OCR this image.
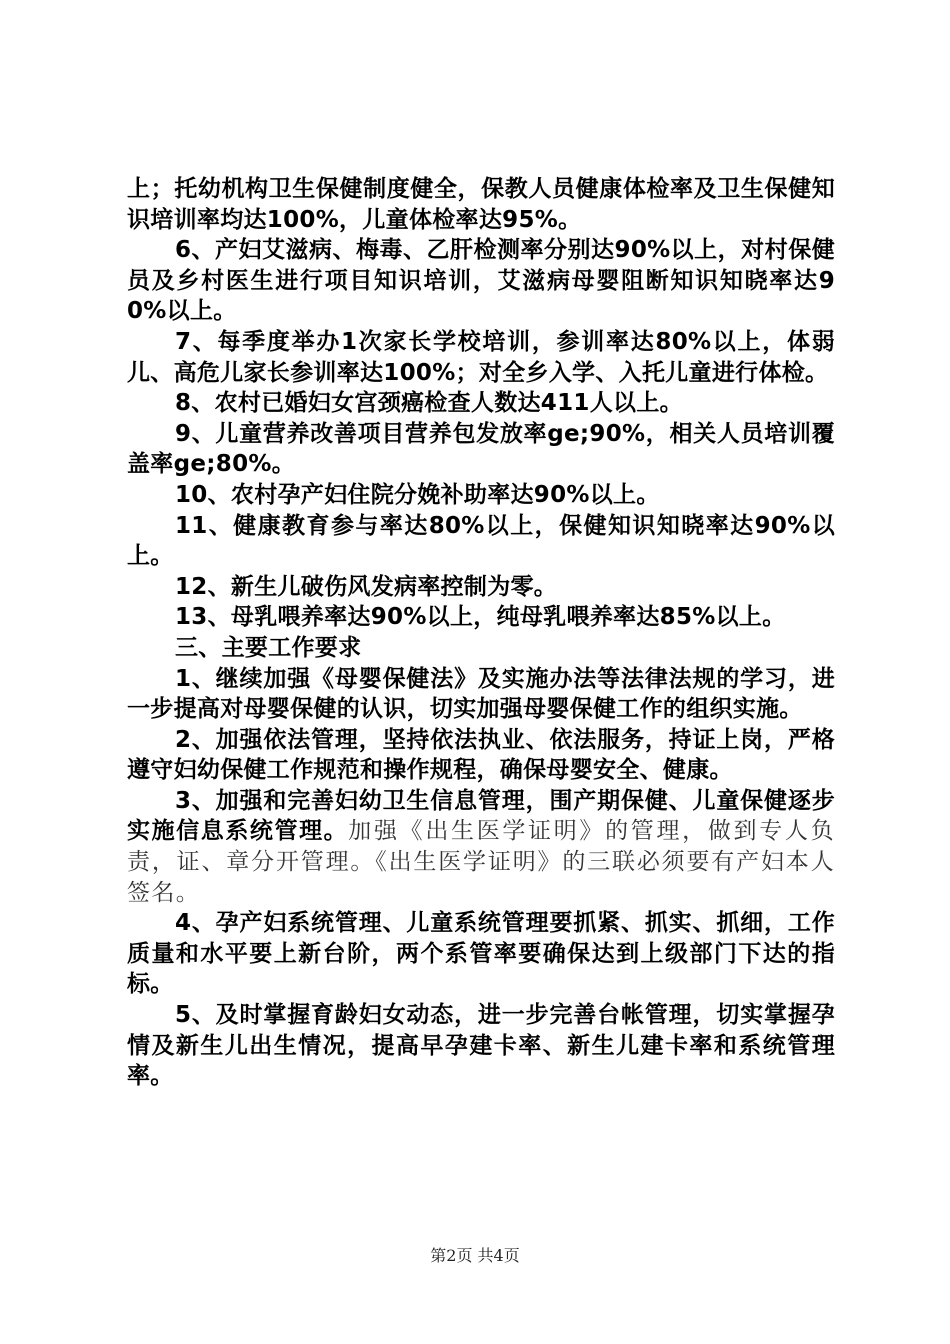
上；托幼机构卫生保健制度健全，保教人员健康体检率及卫生保健知识培训率均达100%，儿童体检率达95%。

6、产妇艾滋病、梅毒、乙肝检测率分别达90%以上，对村保健员及乡村医生进行项目知识培训，艾滋病母婴阻断知识知晓率达90%以上。

7、每季度举办1次家长学校培训，参训率达80%以上，体弱儿、高危儿家长参训率达100%；对全乡入学、入托儿童进行体检。

8、农村已婚妇女宫颈癌检查人数达411人以上。

9、儿童营养改善项目营养包发放率ge;90%，相关人员培训覆盖率ge;80%。

10、农村孕产妇住院分娩补助率达90%以上。

11、健康教育参与率达80%以上，保健知识知晓率达90%以上。

12、新生儿破伤风发病率控制为零。

13、母乳喂养率达90%以上，纯母乳喂养率达85%以上。

三、主要工作要求

1、继续加强《母婴保健法》及实施办法等法律法规的学习，进一步提高对母婴保健的认识，切实加强母婴保健工作的组织实施。

2、加强依法管理，坚持依法执业、依法服务，持证上岗，严格遵守妇幼保健工作规范和操作规程，确保母婴安全、健康。

3、加强和完善妇幼卫生信息管理，围产期保健、儿童保健逐步实施信息系统管理。加强《出生医学证明》的管理，做到专人负责，证、章分开管理。《出生医学证明》的三联必须要有产妇本人签名。

4、孕产妇系统管理、儿童系统管理要抓紧、抓实、抓细，工作质量和水平要上新台阶，两个系管率要确保达到上级部门下达的指标。

5、及时掌握育龄妇女动态，进一步完善台帐管理，切实掌握孕情及新生儿出生情况，提高早孕建卡率、新生儿建卡率和系统管理率。

第2页 共4页
